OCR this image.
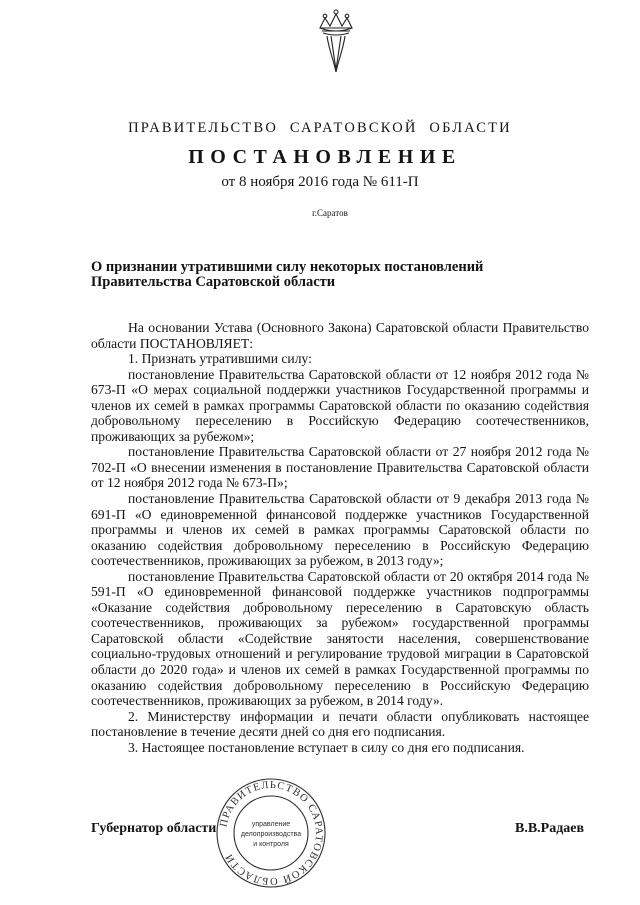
ПРАВИТЕЛЬСТВО САРАТОВСКОЙ ОБЛАСТИ
ПОСТАНОВЛЕНИЕ
от 8 ноября 2016 года № 611-П
г.Саратов
О признании утратившими силу некоторых постановлений
Правительства Саратовской области

На основании Устава (Основного Закона) Саратовской области Правительство области ПОСТАНОВЛЯЕТ:

1. Признать утратившими силу:

постановление Правительства Саратовской области от 12 ноября 2012 года № 673-П «О мерах социальной поддержки участников Государственной программы и членов их семей в рамках программы Саратовской области по оказанию содействия добровольному переселению в Российскую Федерацию соотечественников, проживающих за рубежом»;

постановление Правительства Саратовской области от 27 ноября 2012 года № 702-П «О внесении изменения в постановление Правительства Саратовской области от 12 ноября 2012 года № 673-П»;

постановление Правительства Саратовской области от 9 декабря 2013 года № 691-П «О единовременной финансовой поддержке участников Государственной программы и членов их семей в рамках программы Саратовской области по оказанию содействия добровольному переселению в Российскую Федерацию соотечественников, проживающих за рубежом, в 2013 году»;

постановление Правительства Саратовской области от 20 октября 2014 года № 591-П «О единовременной финансовой поддержке участников подпрограммы «Оказание содействия добровольному переселению в Саратовскую область соотечественников, проживающих за рубежом» государственной программы Саратовской области «Содействие занятости населения, совершенствование социально-трудовых отношений и регулирование трудовой миграции в Саратовской области до 2020 года» и членов их семей в рамках Государственной программы по оказанию содействия добровольному переселению в Российскую Федерацию соотечественников, проживающих за рубежом, в 2014 году».

2. Министерству информации и печати области опубликовать настоящее постановление в течение десяти дней со дня его подписания.

3. Настоящее постановление вступает в силу со дня его подписания.

Губернатор области	В.В.Радаев
ПРАВИТЕЛЬСТВО САРАТОВСКОЙ ОБЛАСТИ
управление
делопроизводства
и контроля
